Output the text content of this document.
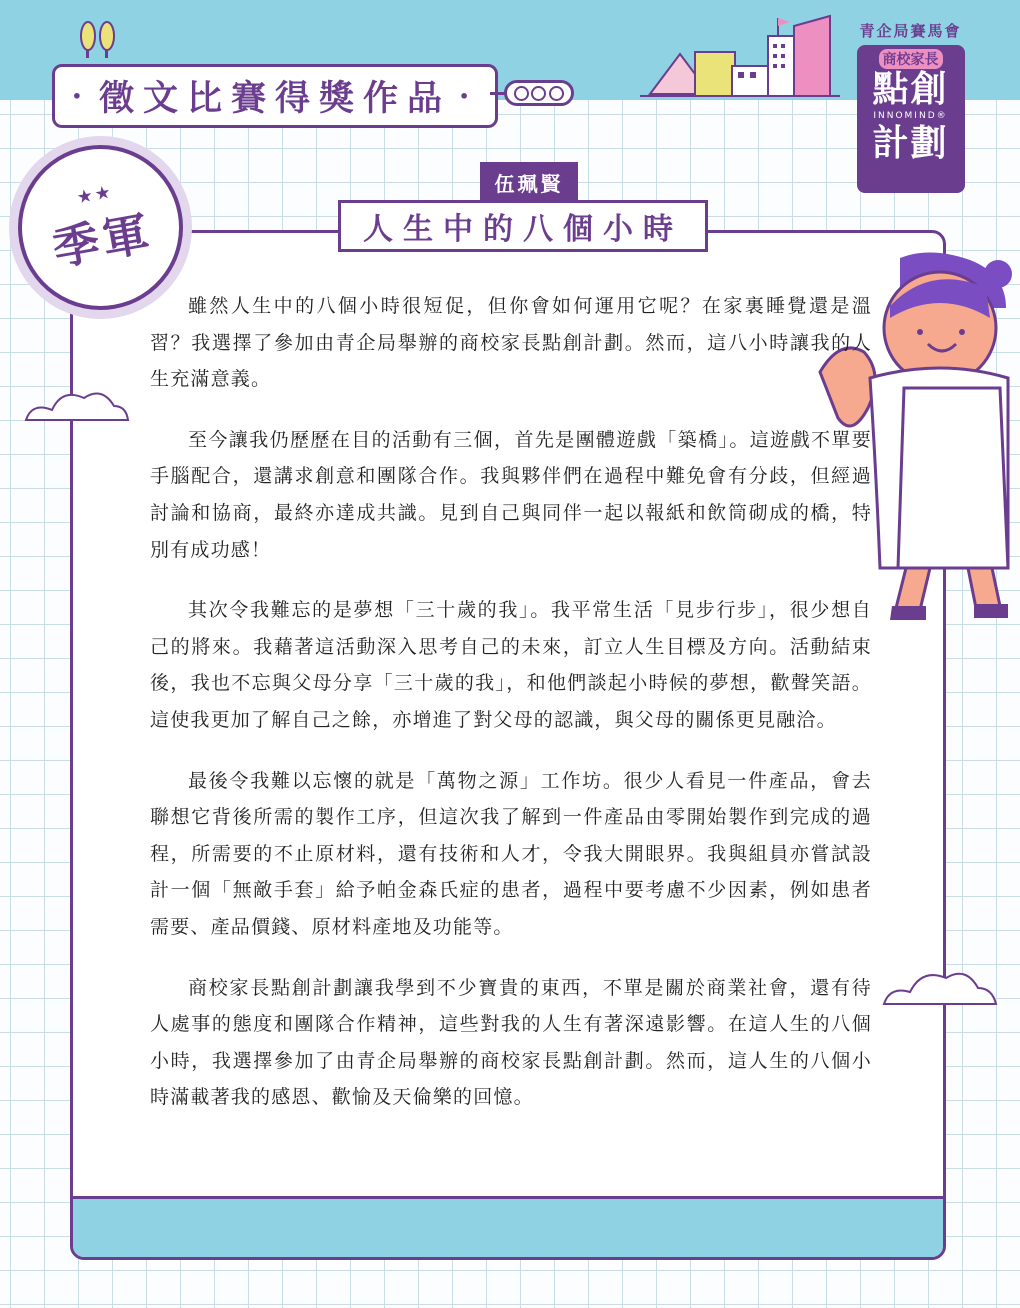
• 徵文比賽得獎作品 •
青企局賽馬會
商校家長
點創
INNOMIND®
計劃
★★
季軍
伍珮賢
人生中的八個小時

雖然人生中的八個小時很短促，但你會如何運用它呢？在家裏睡覺還是溫習？我選擇了參加由青企局舉辦的商校家長點創計劃。然而，這八小時讓我的人生充滿意義。

至今讓我仍歷歷在目的活動有三個，首先是團體遊戲「築橋」。這遊戲不單要手腦配合，還講求創意和團隊合作。我與夥伴們在過程中難免會有分歧，但經過討論和協商，最終亦達成共識。見到自己與同伴一起以報紙和飲筒砌成的橋，特別有成功感！

其次令我難忘的是夢想「三十歲的我」。我平常生活「見步行步」，很少想自己的將來。我藉著這活動深入思考自己的未來，訂立人生目標及方向。活動結束後，我也不忘與父母分享「三十歲的我」，和他們談起小時候的夢想，歡聲笑語。這使我更加了解自己之餘，亦增進了對父母的認識，與父母的關係更見融洽。

最後令我難以忘懷的就是「萬物之源」工作坊。很少人看見一件產品，會去聯想它背後所需的製作工序，但這次我了解到一件產品由零開始製作到完成的過程，所需要的不止原材料，還有技術和人才，令我大開眼界。我與組員亦嘗試設計一個「無敵手套」給予帕金森氏症的患者，過程中要考慮不少因素，例如患者需要、產品價錢、原材料產地及功能等。

商校家長點創計劃讓我學到不少寶貴的東西，不單是關於商業社會，還有待人處事的態度和團隊合作精神，這些對我的人生有著深遠影響。在這人生的八個小時，我選擇參加了由青企局舉辦的商校家長點創計劃。然而，這人生的八個小時滿載著我的感恩、歡愉及天倫樂的回憶。
